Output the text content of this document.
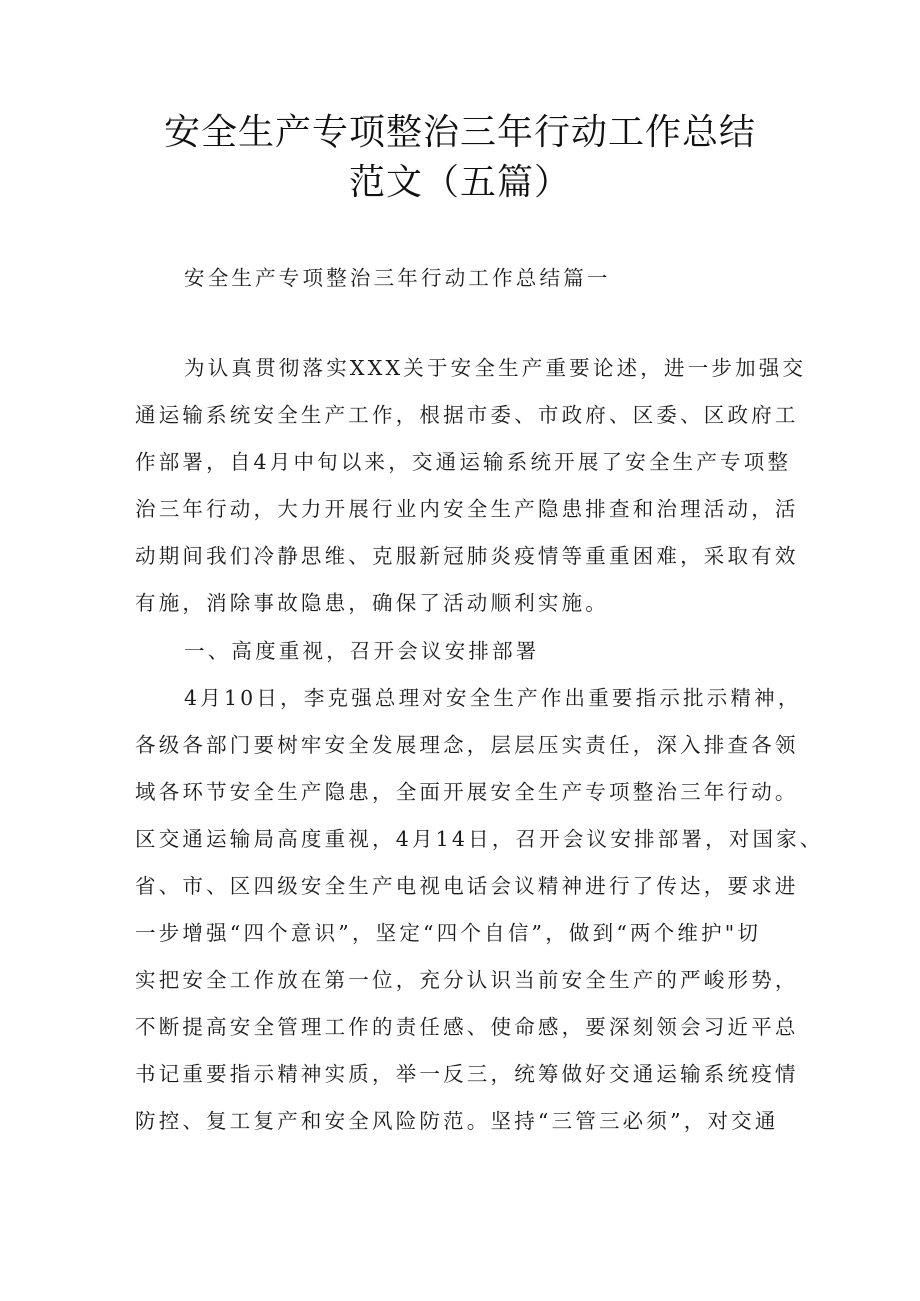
安全生产专项整治三年行动工作总结
范文（五篇）

安全生产专项整治三年行动工作总结篇一

为认真贯彻落实XXX关于安全生产重要论述，进一步加强交

通运输系统安全生产工作，根据市委、市政府、区委、区政府工

作部署，自4月中旬以来，交通运输系统开展了安全生产专项整

治三年行动，大力开展行业内安全生产隐患排查和治理活动，活

动期间我们冷静思维、克服新冠肺炎疫情等重重困难，采取有效

有施，消除事故隐患，确保了活动顺利实施。

一、高度重视，召开会议安排部署

4月10日，李克强总理对安全生产作出重要指示批示精神，

各级各部门要树牢安全发展理念，层层压实责任，深入排查各领

域各环节安全生产隐患，全面开展安全生产专项整治三年行动。

区交通运输局高度重视，4月14日，召开会议安排部署，对国家、

省、市、区四级安全生产电视电话会议精神进行了传达，要求进

一步增强“四个意识”，坚定“四个自信”，做到“两个维护"切

实把安全工作放在第一位，充分认识当前安全生产的严峻形势，

不断提高安全管理工作的责任感、使命感，要深刻领会习近平总

书记重要指示精神实质，举一反三，统筹做好交通运输系统疫情

防控、复工复产和安全风险防范。坚持“三管三必须”，对交通
